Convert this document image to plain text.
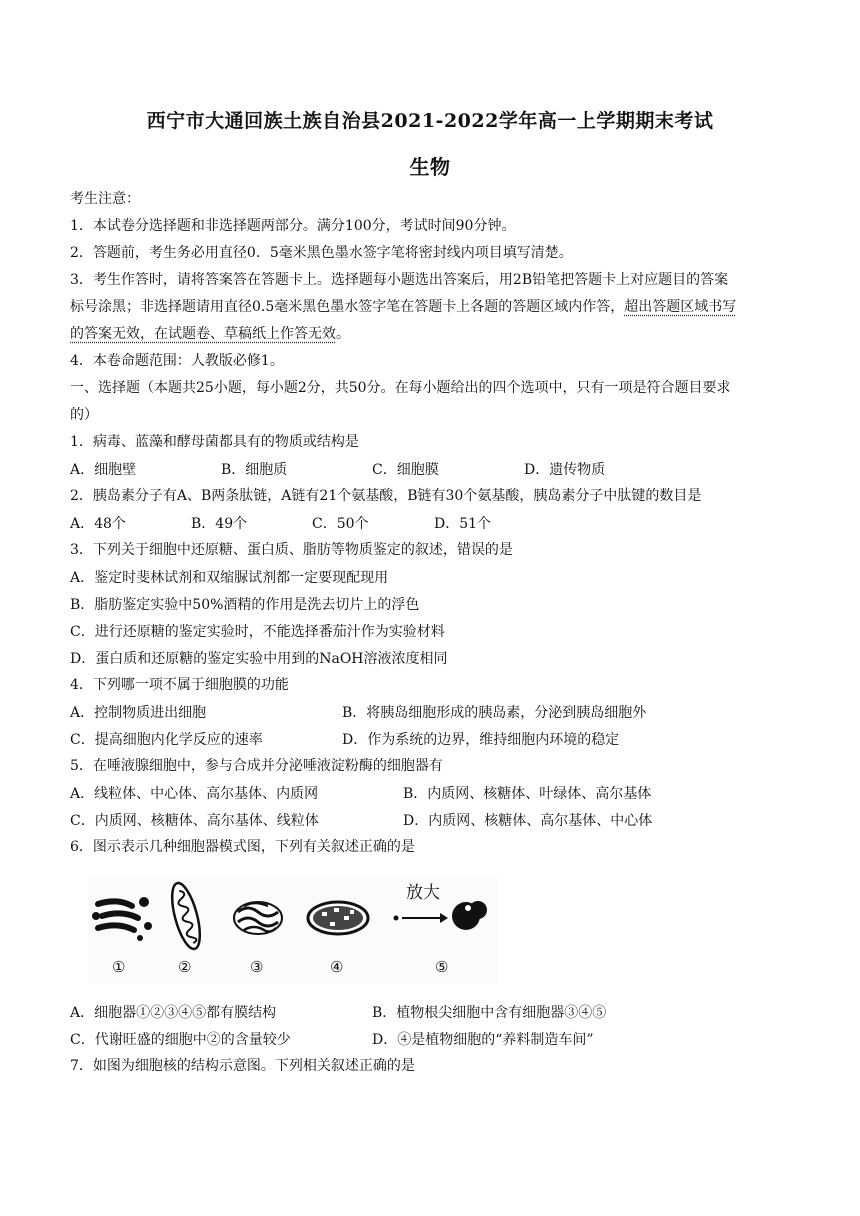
西宁市大通回族土族自治县2021-2022学年高一上学期期末考试
生物
考生注意：
1．本试卷分选择题和非选择题两部分。满分100分，考试时间90分钟。
2．答题前，考生务必用直径0．5毫米黑色墨水签字笔将密封线内项目填写清楚。
3．考生作答时，请将答案答在答题卡上。选择题每小题选出答案后，用2B铅笔把答题卡上对应题目的答案
标号涂黑；非选择题请用直径0.5毫米黑色墨水签字笔在答题卡上各题的答题区域内作答，超出答题区域书写
的答案无效，在试题卷、草稿纸上作答无效。
4．本卷命题范围：人教版必修1。
一、选择题（本题共25小题，每小题2分，共50分。在每小题给出的四个选项中，只有一项是符合题目要求
的）
1．病毒、蓝藻和酵母菌都具有的物质或结构是
A．细胞壁	B．细胞质	C．细胞膜	D．遗传物质
2．胰岛素分子有A、B两条肽链，A链有21个氨基酸，B链有30个氨基酸，胰岛素分子中肽键的数目是
A．48个	B．49个	C．50个	D．51个
3．下列关于细胞中还原糖、蛋白质、脂肪等物质鉴定的叙述，错误的是
A．鉴定时斐林试剂和双缩脲试剂都一定要现配现用
B．脂肪鉴定实验中50%酒精的作用是洗去切片上的浮色
C．进行还原糖的鉴定实验时，不能选择番茄汁作为实验材料
D．蛋白质和还原糖的鉴定实验中用到的NaOH溶液浓度相同
4．下列哪一项不属于细胞膜的功能
A．控制物质进出细胞	B．将胰岛细胞形成的胰岛素，分泌到胰岛细胞外
C．提高细胞内化学反应的速率	D．作为系统的边界，维持细胞内环境的稳定
5．在唾液腺细胞中，参与合成并分泌唾液淀粉酶的细胞器有
A．线粒体、中心体、高尔基体、内质网	B．内质网、核糖体、叶绿体、高尔基体
C．内质网、核糖体、高尔基体、线粒体	D．内质网、核糖体、高尔基体、中心体
6．图示表示几种细胞器模式图，下列有关叙述正确的是
放大
①	②	③	④	⑤
A．细胞器①②③④⑤都有膜结构	B．植物根尖细胞中含有细胞器③④⑤
C．代谢旺盛的细胞中②的含量较少	D．④是植物细胞的“养料制造车间”
7．如图为细胞核的结构示意图。下列相关叙述正确的是
